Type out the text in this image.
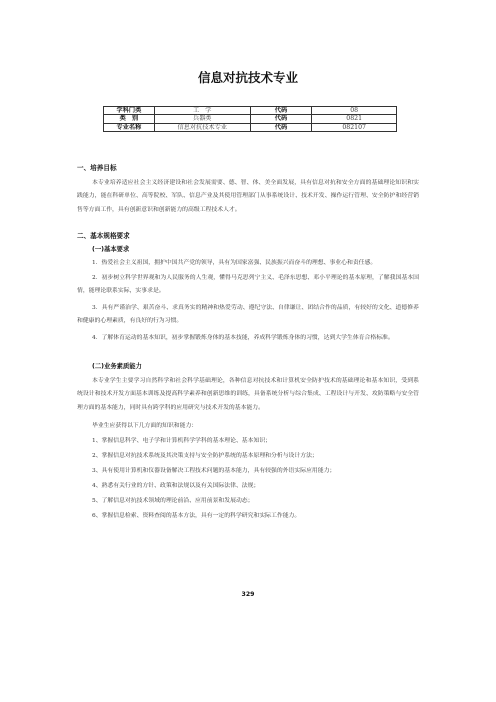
信息对抗技术专业
学科门类	工　学	代码	08
类　别	兵器类	代码	0821
专业名称	信息对抗技术专业	代码	082107
一、培养目标
本专业培养适应社会主义经济建设和社会发展需要、德、智、体、美全面发展，具有信息对抗和安全方面的基础理论知识和实践能力，能在科研单位、高等院校、军队、信息产业及其使用管理部门从事系统设计、技术开发、操作运行管理、安全防护和经营销售等方面工作，具有创新意识和创新能力的高级工程技术人才。
二、基本规格要求
(一)基本要求
1．热爱社会主义祖国，拥护中国共产党的领导，具有为国家富强、民族振兴而奋斗的理想、事业心和责任感。
2．初步树立科学世界观和为人民服务的人生观，懂得马克思列宁主义、毛泽东思想、邓小平理论的基本原理，了解我国基本国情，能理论联系实际，实事求是。
3．具有严谨治学、艰苦奋斗、求真务实的精神和热爱劳动、遵纪守法、自律谦让、团结合作的品质，有较好的文化、道德修养和健康的心理素质，有良好的行为习惯。
4．了解体育运动的基本知识，初步掌握锻炼身体的基本技能，养成科学锻炼身体的习惯，达到大学生体育合格标准。
(二)业务素质能力
本专业学生主要学习自然科学和社会科学基础理论，各种信息对抗技术和计算机安全防护技术的基础理论和基本知识，受到系统设计和技术开发方面基本训练及提高科学素养和创新思维的训练，具备系统分析与综合集成、工程设计与开发、攻防策略与安全管理方面的基本能力，同时具有跨学科的应用研究与技术开发的基本能力。
毕业生应获得以下几方面的知识和能力：
1、掌握信息科学、电子学和计算机科学学科的基本理论、基本知识；
2、掌握信息对抗技术系统及其决策支持与安全防护系统的基本原理和分析与设计方法；
3、具有使用计算机和仪器设备解决工程技术问题的基本能力，具有较强的外语实际应用能力；
4、熟悉有关行业的方针、政策和法规以及有关国际法律、法规；
5、了解信息对抗技术领域的理论前沿、应用前景和发展动态；
6、掌握信息检索、资料查阅的基本方法，具有一定的科学研究和实际工作能力。
329
